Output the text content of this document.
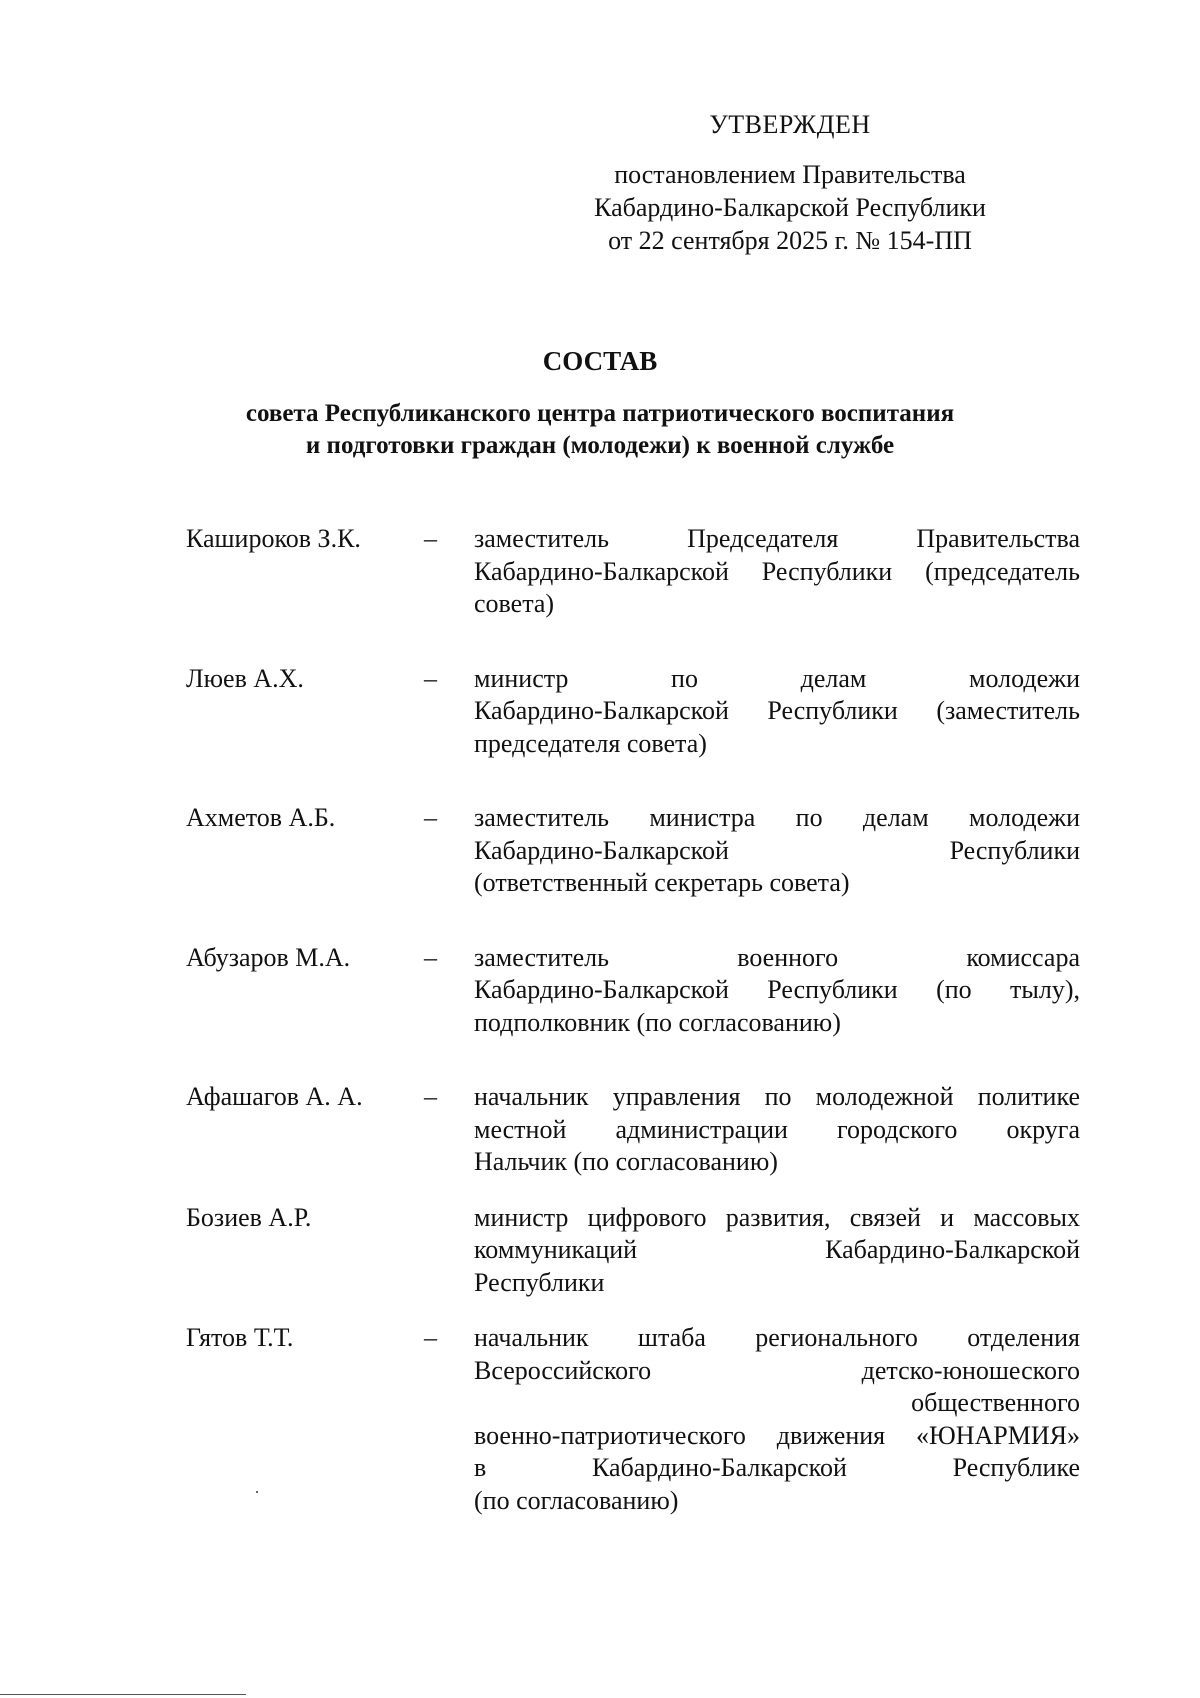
УТВЕРЖДЕН
постановлением Правительства
Кабардино-Балкарской Республики
от 22 сентября 2025 г. № 154-ПП
СОСТАВ
совета Республиканского центра патриотического воспитания
и подготовки граждан (молодежи) к военной службе
Кашироков З.К.	–	заместитель Председателя Правительства
Кабардино-Балкарской Республики (председатель
совета)
Люев А.Х.	–	министр по делам молодежи
Кабардино-Балкарской Республики (заместитель
председателя совета)
Ахметов А.Б.	–	заместитель министра по делам молодежи
Кабардино-Балкарской Республики
(ответственный секретарь совета)
Абузаров М.А.	–	заместитель военного комиссара
Кабардино-Балкарской Республики (по тылу),
подполковник (по согласованию)
Афашагов А. А.	–	начальник управления по молодежной политике
местной администрации городского округа
Нальчик (по согласованию)
Бозиев А.Р.	министр цифрового развития, связей и массовых
коммуникаций Кабардино-Балкарской
Республики
Гятов Т.Т.	–	начальник штаба регионального отделения
Всероссийского детско-юношеского
общественного
военно-патриотического движения «ЮНАРМИЯ»
в Кабардино-Балкарской Республике
(по согласованию)
